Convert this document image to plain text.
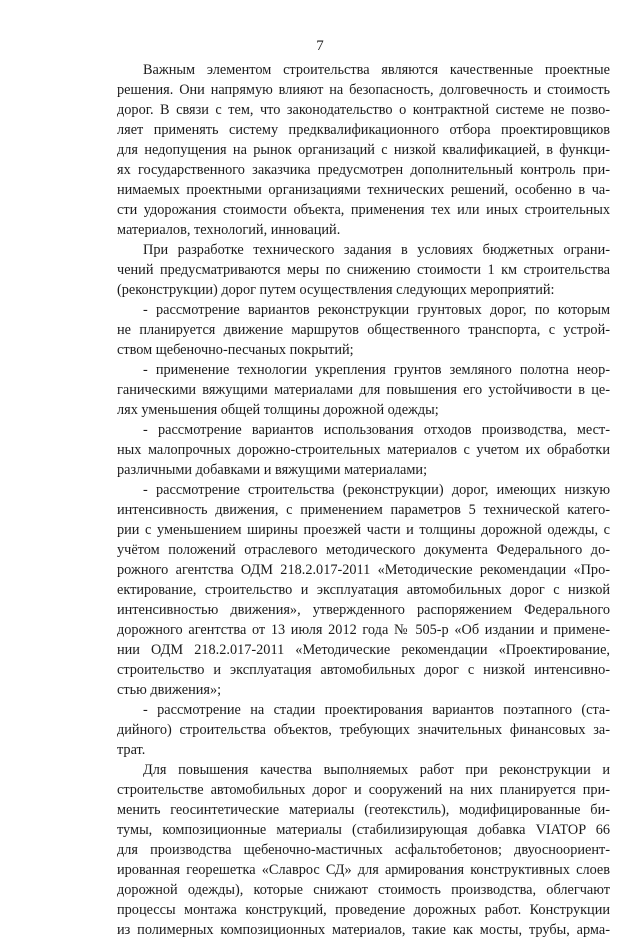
7
Важным элементом строительства являются качественные проектные
решения. Они напрямую влияют на безопасность, долговечность и стоимость
дорог. В связи с тем, что законодательство о контрактной системе не позво-
ляет применять систему предквалификационного отбора проектировщиков
для недопущения на рынок организаций с низкой квалификацией, в функци-
ях государственного заказчика предусмотрен дополнительный контроль при-
нимаемых проектными организациями технических решений, особенно в ча-
сти удорожания стоимости объекта, применения тех или иных строительных
материалов, технологий, инноваций.
При разработке технического задания в условиях бюджетных ограни-
чений предусматриваются меры по снижению стоимости 1 км строительства
(реконструкции) дорог путем осуществления следующих мероприятий:
- рассмотрение вариантов реконструкции грунтовых дорог, по которым
не планируется движение маршрутов общественного транспорта, с устрой-
ством щебеночно-песчаных покрытий;
- применение технологии укрепления грунтов земляного полотна неор-
ганическими вяжущими материалами для повышения его устойчивости в це-
лях уменьшения общей толщины дорожной одежды;
- рассмотрение вариантов использования отходов производства, мест-
ных малопрочных дорожно-строительных материалов с учетом их обработки
различными добавками и вяжущими материалами;
- рассмотрение строительства (реконструкции) дорог, имеющих низкую
интенсивность движения, с применением параметров 5 технической катего-
рии с уменьшением ширины проезжей части и толщины дорожной одежды, с
учётом положений отраслевого методического документа Федерального до-
рожного агентства ОДМ 218.2.017-2011 «Методические рекомендации «Про-
ектирование, строительство и эксплуатация автомобильных дорог с низкой
интенсивностью движения», утвержденного распоряжением Федерального
дорожного агентства от 13 июля 2012 года № 505-р «Об издании и примене-
нии ОДМ 218.2.017-2011 «Методические рекомендации «Проектирование,
строительство и эксплуатация автомобильных дорог с низкой интенсивно-
стью движения»;
- рассмотрение на стадии проектирования вариантов поэтапного (ста-
дийного) строительства объектов, требующих значительных финансовых за-
трат.
Для повышения качества выполняемых работ при реконструкции и
строительстве автомобильных дорог и сооружений на них планируется при-
менить геосинтетические материалы (геотекстиль), модифицированные би-
тумы, композиционные материалы (стабилизирующая добавка VIATOP 66
для производства щебеночно-мастичных асфальтобетонов; двуосноориент-
ированная георешетка «Славрос СД» для армирования конструктивных слоев
дорожной одежды), которые снижают стоимость производства, облегчают
процессы монтажа конструкций, проведение дорожных работ. Конструкции
из полимерных композиционных материалов, такие как мосты, трубы, арма-
